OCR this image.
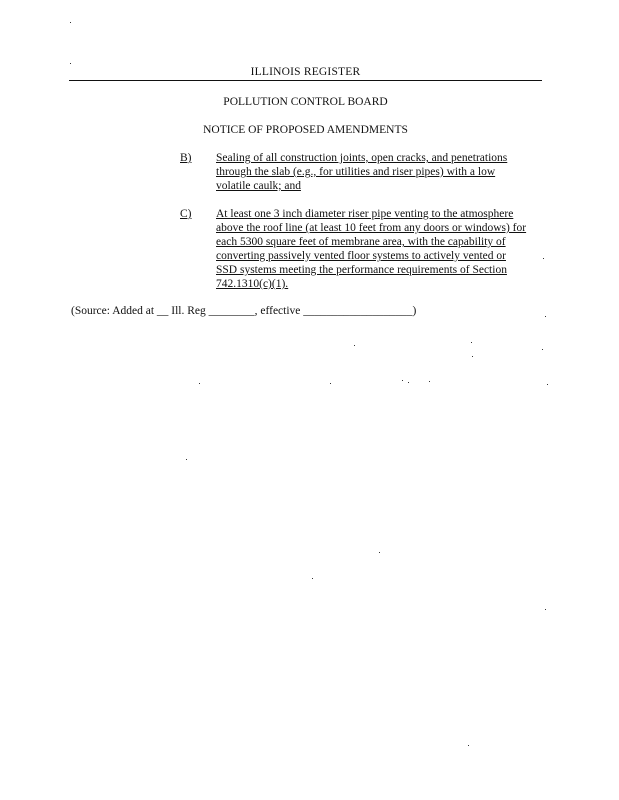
ILLINOIS REGISTER
POLLUTION CONTROL BOARD
NOTICE OF PROPOSED AMENDMENTS
B) Sealing of all construction joints, open cracks, and penetrations
through the slab (e.g., for utilities and riser pipes) with a low
volatile caulk; and
C) At least one 3 inch diameter riser pipe venting to the atmosphere
above the roof line (at least 10 feet from any doors or windows) for
each 5300 square feet of membrane area, with the capability of
converting passively vented floor systems to actively vented or
SSD systems meeting the performance requirements of Section
742.1310(c)(1).
(Source: Added at __ Ill. Reg ________, effective ___________________)
